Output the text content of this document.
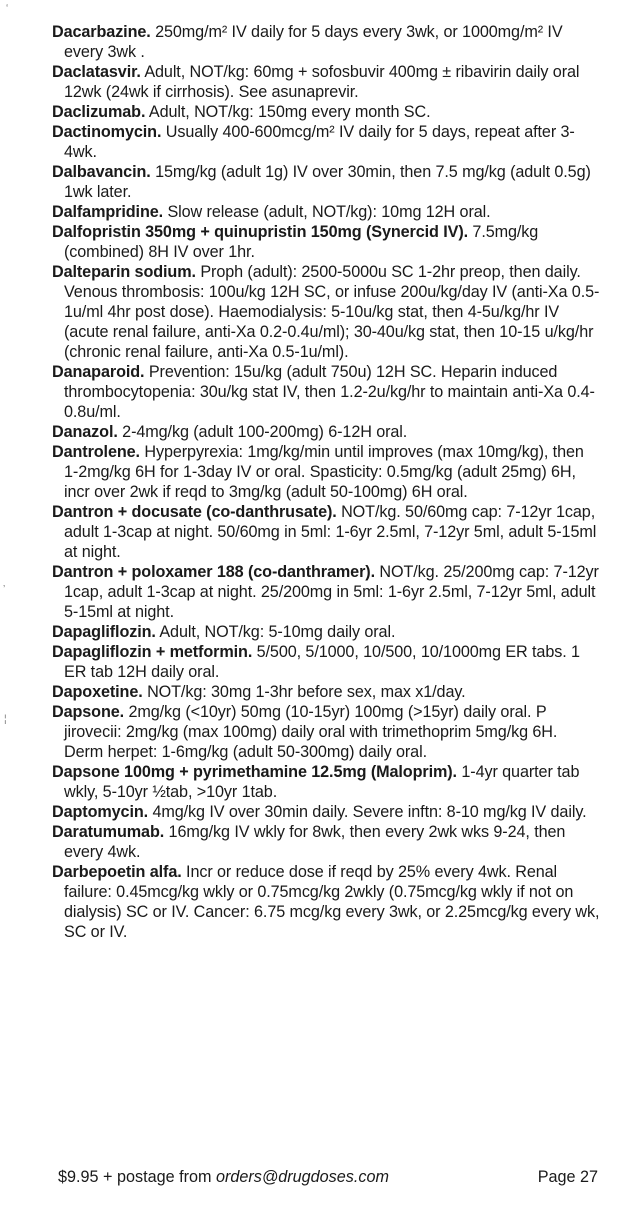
‘
’
¦

Dacarbazine. 250mg/m² IV daily for 5 days every 3wk, or 1000mg/m² IV every 3wk .

Daclatasvir. Adult, NOT/kg: 60mg + sofosbuvir 400mg ± ribavirin daily oral 12wk (24wk if cirrhosis). See asunaprevir.

Daclizumab. Adult, NOT/kg: 150mg every month SC.

Dactinomycin. Usually 400-600mcg/m² IV daily for 5 days, repeat after 3-4wk.

Dalbavancin. 15mg/kg (adult 1g) IV over 30min, then 7.5 mg/kg (adult 0.5g) 1wk later.

Dalfampridine. Slow release (adult, NOT/kg): 10mg 12H oral.

Dalfopristin 350mg + quinupristin 150mg (Synercid IV). 7.5mg/kg (combined) 8H IV over 1hr.

Dalteparin sodium. Proph (adult): 2500-5000u SC 1-2hr preop, then daily. Venous thrombosis: 100u/kg 12H SC, or infuse 200u/kg/day IV (anti-Xa 0.5-1u/ml 4hr post dose). Haemodialysis: 5-10u/kg stat, then 4-5u/kg/hr IV (acute renal failure, anti-Xa 0.2-0.4u/ml); 30-40u/kg stat, then 10-15 u/kg/hr (chronic renal failure, anti-Xa 0.5-1u/ml).

Danaparoid. Prevention: 15u/kg (adult 750u) 12H SC. Heparin induced thrombocytopenia: 30u/kg stat IV, then 1.2-2u/kg/hr to maintain anti-Xa 0.4-0.8u/ml.

Danazol. 2-4mg/kg (adult 100-200mg) 6-12H oral.

Dantrolene. Hyperpyrexia: 1mg/kg/min until improves (max 10mg/kg), then 1-2mg/kg 6H for 1-3day IV or oral. Spasticity: 0.5mg/kg (adult 25mg) 6H, incr over 2wk if reqd to 3mg/kg (adult 50-100mg) 6H oral.

Dantron + docusate (co-danthrusate). NOT/kg. 50/60mg cap: 7-12yr 1cap, adult 1-3cap at night. 50/60mg in 5ml: 1-6yr 2.5ml, 7-12yr 5ml, adult 5-15ml at night.

Dantron + poloxamer 188 (co-danthramer). NOT/kg. 25/200mg cap: 7-12yr 1cap, adult 1-3cap at night. 25/200mg in 5ml: 1-6yr 2.5ml, 7-12yr 5ml, adult 5-15ml at night.

Dapagliflozin. Adult, NOT/kg: 5-10mg daily oral.

Dapagliflozin + metformin. 5/500, 5/1000, 10/500, 10/1000mg ER tabs. 1 ER tab 12H daily oral.

Dapoxetine. NOT/kg: 30mg 1-3hr before sex, max x1/day.

Dapsone. 2mg/kg (<10yr) 50mg (10-15yr) 100mg (>15yr) daily oral. P jirovecii: 2mg/kg (max 100mg) daily oral with trimethoprim 5mg/kg 6H. Derm herpet: 1-6mg/kg (adult 50-300mg) daily oral.

Dapsone 100mg + pyrimethamine 12.5mg (Maloprim). 1-4yr quarter tab wkly, 5-10yr ½tab, >10yr 1tab.

Daptomycin. 4mg/kg IV over 30min daily. Severe inftn: 8-10 mg/kg IV daily.

Daratumumab. 16mg/kg IV wkly for 8wk, then every 2wk wks 9-24, then every 4wk.

Darbepoetin alfa. Incr or reduce dose if reqd by 25% every 4wk. Renal failure: 0.45mcg/kg wkly or 0.75mcg/kg 2wkly (0.75mcg/kg wkly if not on dialysis) SC or IV. Cancer: 6.75 mcg/kg every 3wk, or 2.25mcg/kg every wk, SC or IV.

$9.95 + postage from orders@drugdoses.com	Page 27
